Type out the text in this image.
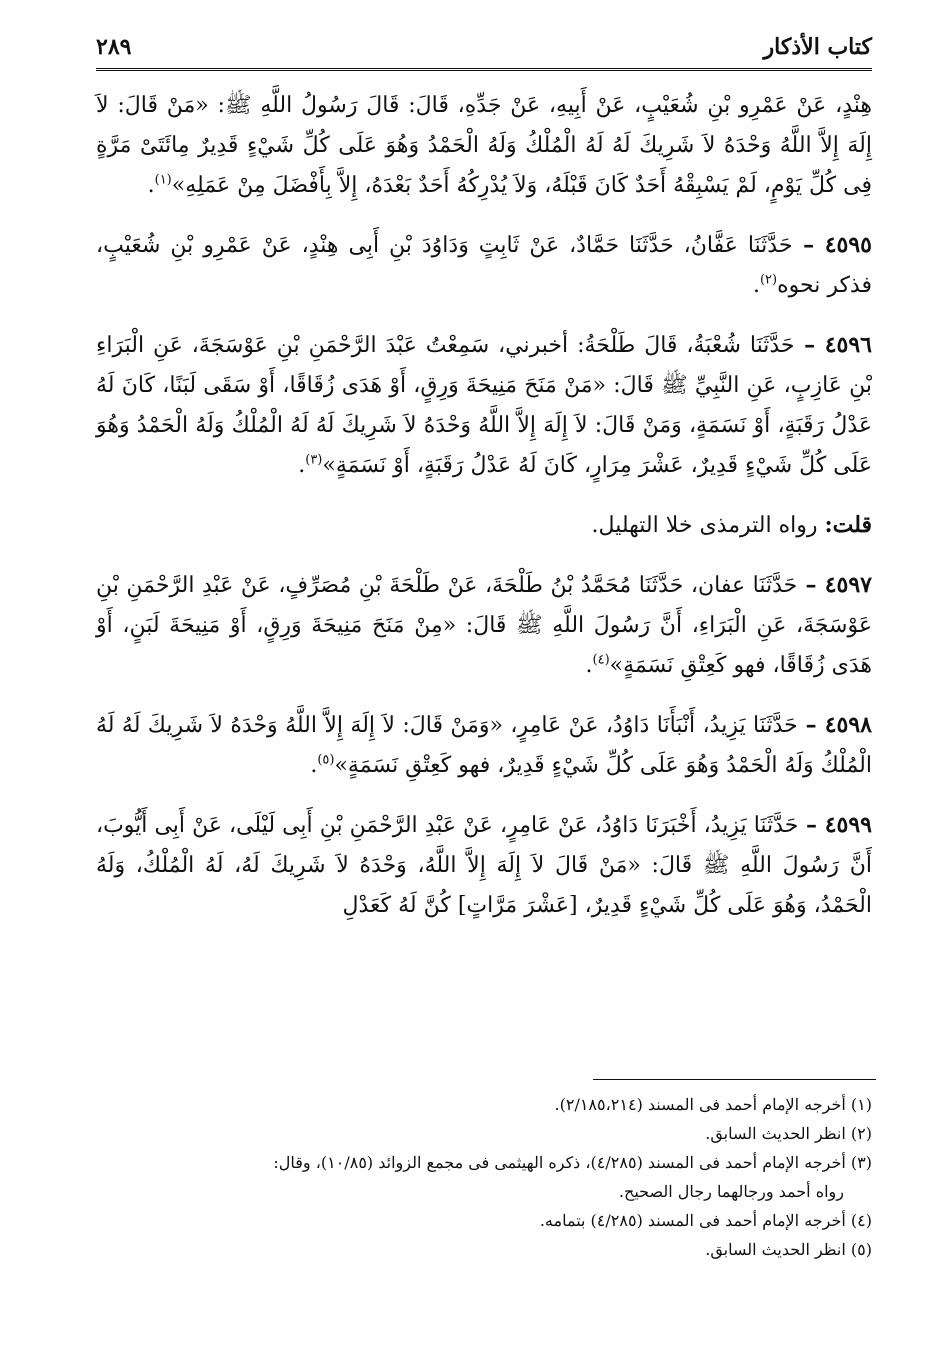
كتاب الأذكار
٢٨٩

هِنْدٍ، عَنْ عَمْرِو بْنِ شُعَيْبٍ، عَنْ أَبِيهِ، عَنْ جَدِّهِ، قَالَ: قَالَ رَسُولُ اللَّهِ ﷺ: «مَنْ قَالَ: لاَ إِلَهَ إِلاَّ اللَّهُ وَحْدَهُ لاَ شَرِيكَ لَهُ لَهُ الْمُلْكُ وَلَهُ الْحَمْدُ وَهُوَ عَلَى كُلِّ شَيْءٍ قَدِيرٌ مِائَتَىْ مَرَّةٍ فِى كُلِّ يَوْمٍ، لَمْ يَسْبِقْهُ أَحَدٌ كَانَ قَبْلَهُ، وَلاَ يُدْرِكُهُ أَحَدٌ بَعْدَهُ، إِلاَّ بِأَفْضَلَ مِنْ عَمَلِهِ»$^{(١)}$.

٤٥٩٥ – حَدَّثَنَا عَفَّانُ، حَدَّثَنَا حَمَّادٌ، عَنْ ثَابِتٍ وَدَاوُدَ بْنِ أَبِى هِنْدٍ، عَنْ عَمْرِو بْنِ شُعَيْبٍ، فذكر نحوه$^{(٢)}$.

٤٥٩٦ – حَدَّثَنَا شُعْبَةُ، قَالَ طَلْحَةُ: أخبرني، سَمِعْتُ عَبْدَ الرَّحْمَنِ بْنِ عَوْسَجَةَ، عَنِ الْبَرَاءِ بْنِ عَازِبٍ، عَنِ النَّبِيِّ ﷺ قَالَ: «مَنْ مَنَحَ مَنِيحَةَ وَرِقٍ، أَوْ هَدَى زُقَاقًا، أَوْ سَقَى لَبَنًا، كَانَ لَهُ عَدْلُ رَقَبَةٍ، أَوْ نَسَمَةٍ، وَمَنْ قَالَ: لاَ إِلَهَ إِلاَّ اللَّهُ وَحْدَهُ لاَ شَرِيكَ لَهُ لَهُ الْمُلْكُ وَلَهُ الْحَمْدُ وَهُوَ عَلَى كُلِّ شَيْءٍ قَدِيرٌ، عَشْرَ مِرَارٍ، كَانَ لَهُ عَدْلُ رَقَبَةٍ، أَوْ نَسَمَةٍ»$^{(٣)}$.

قلت: رواه الترمذى خلا التهليل.

٤٥٩٧ – حَدَّثَنَا عفان، حَدَّثَنَا مُحَمَّدُ بْنُ طَلْحَةَ، عَنْ طَلْحَةَ بْنِ مُصَرِّفٍ، عَنْ عَبْدِ الرَّحْمَنِ بْنِ عَوْسَجَةَ، عَنِ الْبَرَاءِ، أَنَّ رَسُولَ اللَّهِ ﷺ قَالَ: «مِنْ مَنَحَ مَنِيحَةَ وَرِقٍ، أَوْ مَنِيحَةَ لَبَنٍ، أَوْ هَدَى زُقَاقًا، فهو كَعِتْقِ نَسَمَةٍ»$^{(٤)}$.

٤٥٩٨ – حَدَّثَنَا يَزِيدُ، أَنْبَأَنَا دَاوُدُ، عَنْ عَامِرٍ، «وَمَنْ قَالَ: لاَ إِلَهَ إِلاَّ اللَّهُ وَحْدَهُ لاَ شَرِيكَ لَهُ لَهُ الْمُلْكُ وَلَهُ الْحَمْدُ وَهُوَ عَلَى كُلِّ شَيْءٍ قَدِيرٌ، فهو كَعِتْقِ نَسَمَةٍ»$^{(٥)}$.

٤٥٩٩ – حَدَّثَنَا يَزِيدُ، أَخْبَرَنَا دَاوُدُ، عَنْ عَامِرٍ، عَنْ عَبْدِ الرَّحْمَنِ بْنِ أَبِى لَيْلَى، عَنْ أَبِى أَيُّوبَ، أَنَّ رَسُولَ اللَّهِ ﷺ قَالَ: «مَنْ قَالَ لاَ إِلَهَ إِلاَّ اللَّهُ، وَحْدَهُ لاَ شَرِيكَ لَهُ، لَهُ الْمُلْكُ، وَلَهُ الْحَمْدُ، وَهُوَ عَلَى كُلِّ شَيْءٍ قَدِيرٌ، [عَشْرَ مَرَّاتٍ] كُنَّ لَهُ كَعَدْلِ

(١) أخرجه الإمام أحمد فى المسند (٢/١٨٥،٢١٤).

(٢) انظر الحديث السابق.

(٣) أخرجه الإمام أحمد فى المسند (٤/٢٨٥)، ذكره الهيثمى فى مجمع الزوائد (١٠/٨٥)، وقال:

رواه أحمد ورجالهما رجال الصحيح.

(٤) أخرجه الإمام أحمد فى المسند (٤/٢٨٥) بتمامه.

(٥) انظر الحديث السابق.
